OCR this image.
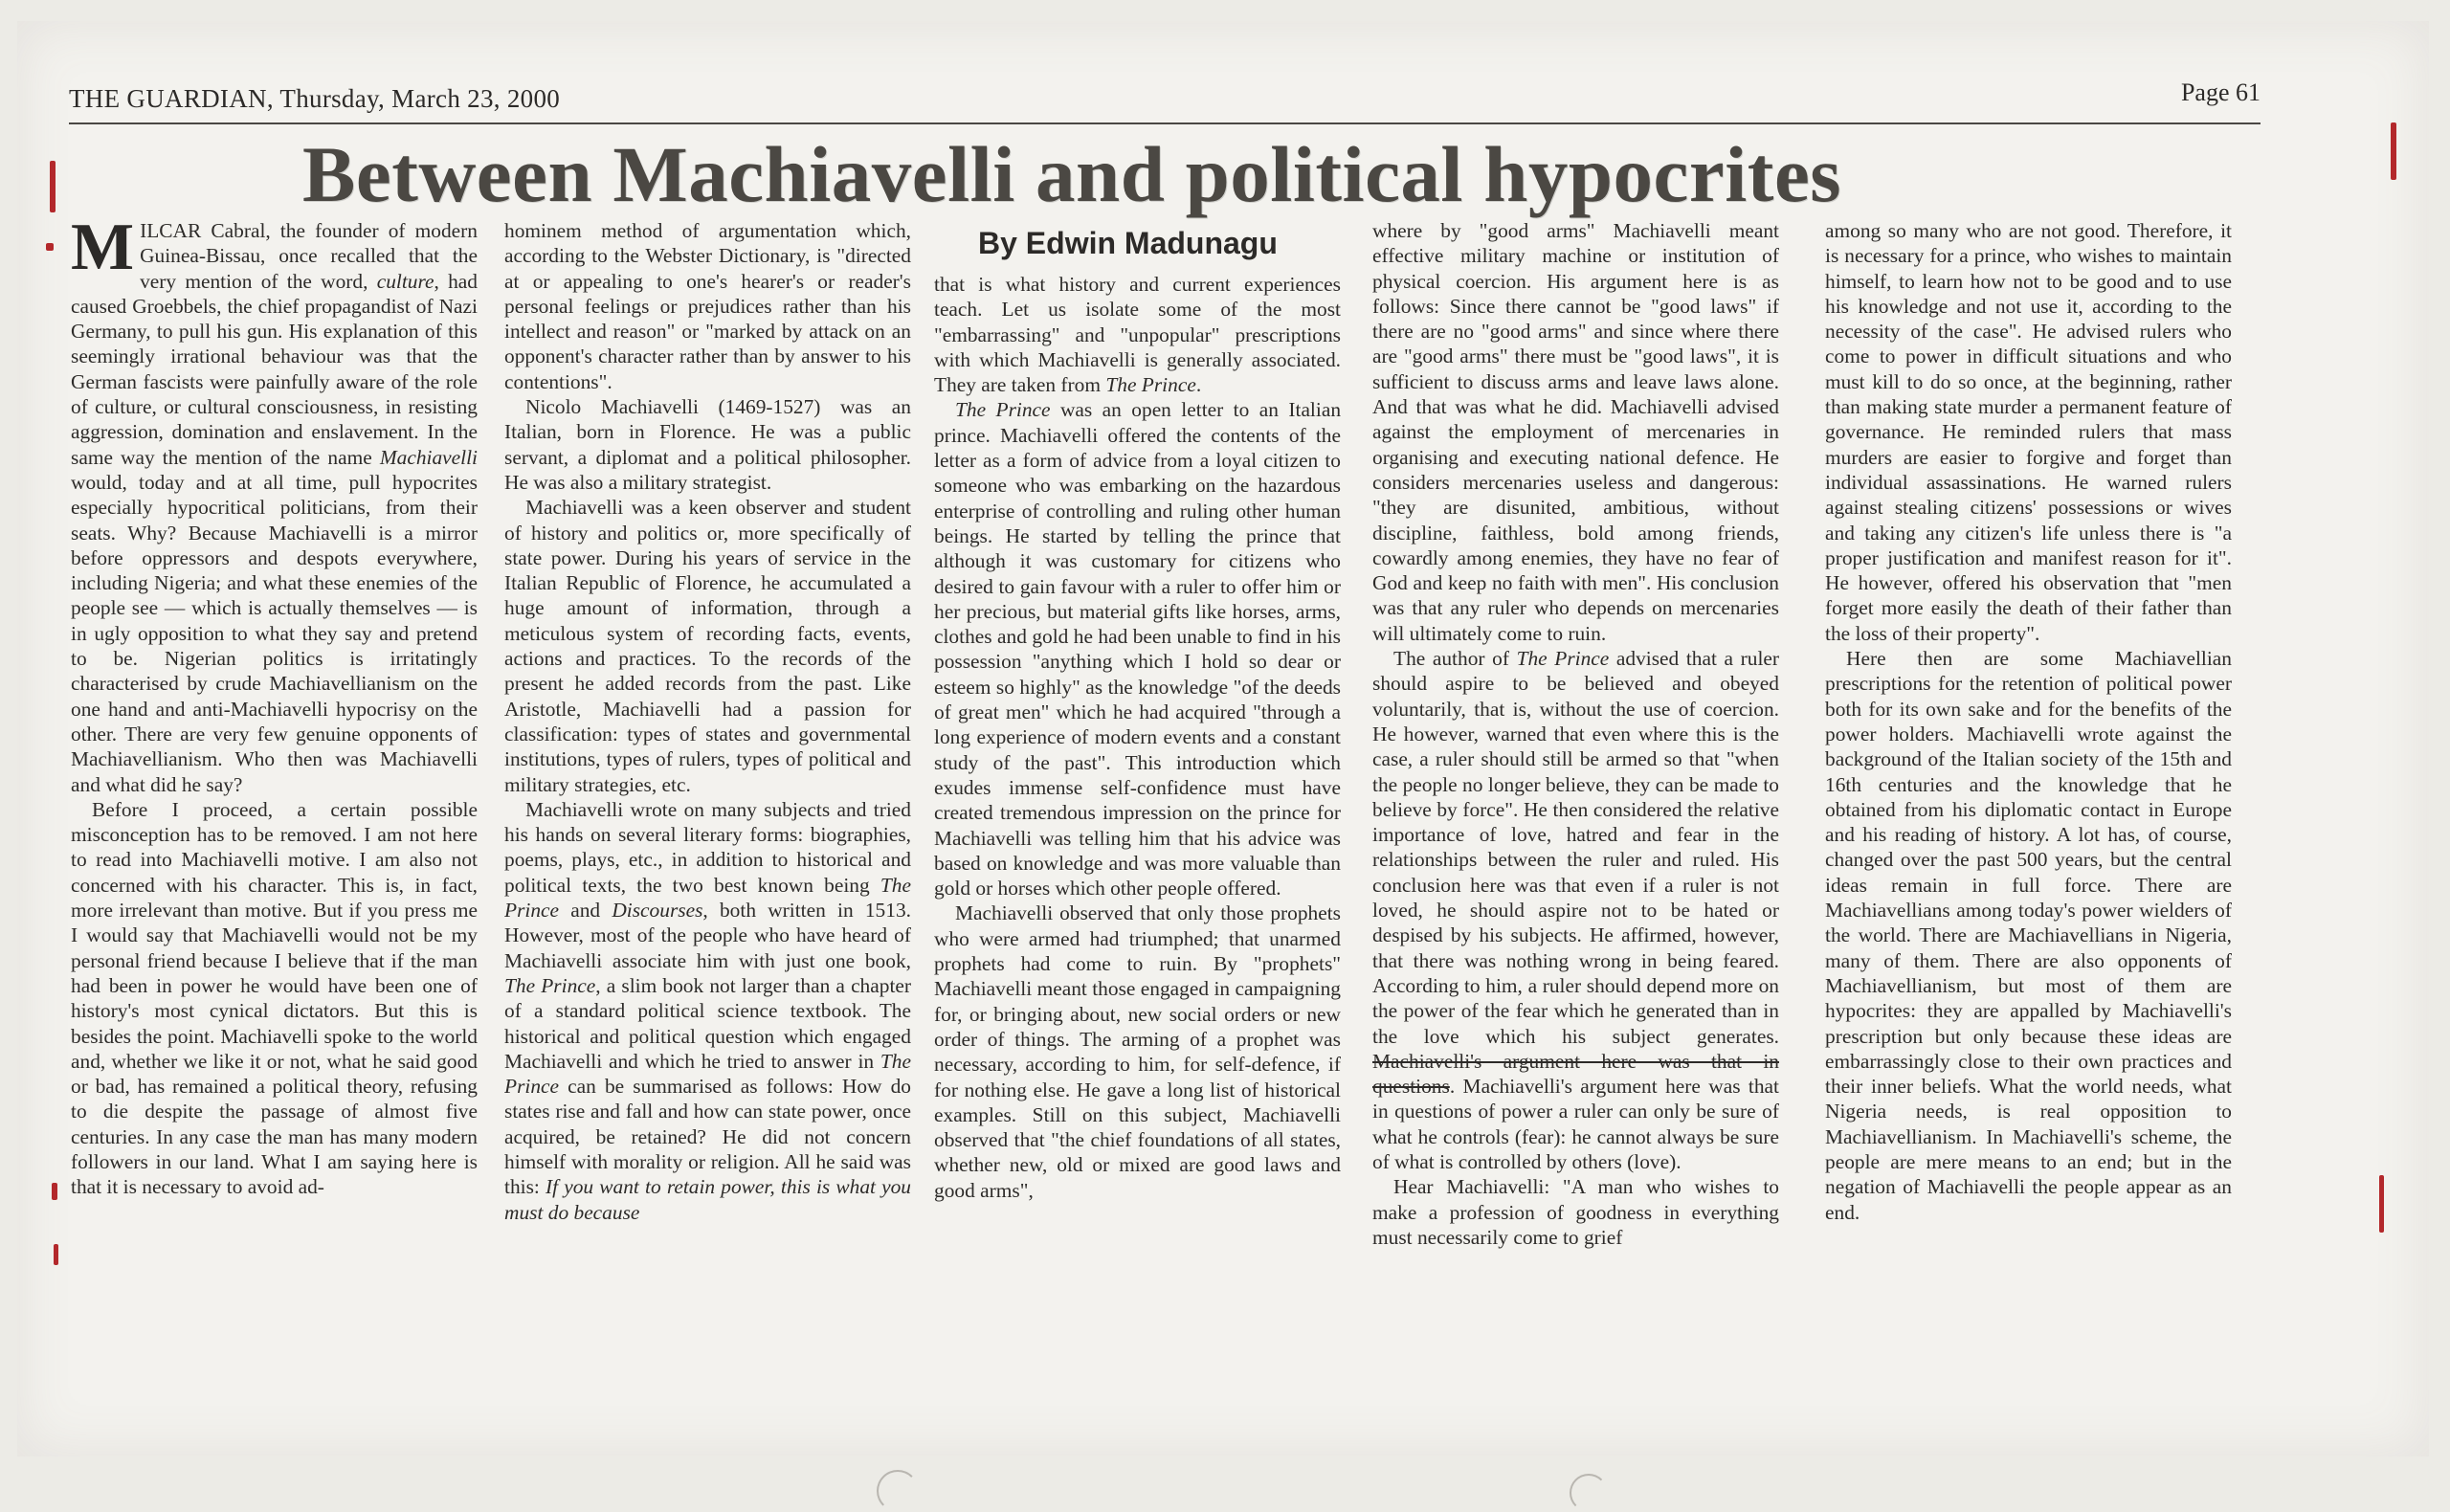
THE GUARDIAN, Thursday, March 23, 2000	Page 61
Between Machiavelli and political hypocrites
By Edwin Madunagu
M ILCAR Cabral, the founder of modern Guinea-Bissau, once recalled that the very mention of the word, culture, had caused Groebbels, the chief propagandist of Nazi Germany, to pull his gun. His explanation of this seemingly irrational behaviour was that the German fascists were painfully aware of the role of culture, or cultural consciousness, in resisting aggression, domination and enslavement. In the same way the mention of the name Machiavelli would, today and at all time, pull hypocrites especially hypocritical politicians, from their seats. Why? Because Machiavelli is a mirror before oppressors and despots everywhere, including Nigeria; and what these enemies of the people see — which is actually themselves — is in ugly opposition to what they say and pretend to be. Nigerian politics is irritatingly characterised by crude Machiavellianism on the one hand and anti-Machiavelli hypocrisy on the other. There are very few genuine opponents of Machiavellianism. Who then was Machiavelli and what did he say?

Before I proceed, a certain possible misconception has to be removed. I am not here to read into Machiavelli motive. I am also not concerned with his character. This is, in fact, more irrelevant than motive. But if you press me I would say that Machiavelli would not be my personal friend because I believe that if the man had been in power he would have been one of history's most cynical dictators. But this is besides the point. Machiavelli spoke to the world and, whether we like it or not, what he said good or bad, has remained a political theory, refusing to die despite the passage of almost five centuries. In any case the man has many modern followers in our land. What I am saying here is that it is necessary to avoid ad-

hominem method of argumentation which, according to the Webster Dictionary, is "directed at or appealing to one's hearer's or reader's personal feelings or prejudices rather than his intellect and reason" or "marked by attack on an opponent's character rather than by answer to his contentions".

Nicolo Machiavelli (1469-1527) was an Italian, born in Florence. He was a public servant, a diplomat and a political philosopher. He was also a military strategist.

Machiavelli was a keen observer and student of history and politics or, more specifically of state power. During his years of service in the Italian Republic of Florence, he accumulated a huge amount of information, through a meticulous system of recording facts, events, actions and practices. To the records of the present he added records from the past. Like Aristotle, Machiavelli had a passion for classification: types of states and governmental institutions, types of rulers, types of political and military strategies, etc.

Machiavelli wrote on many subjects and tried his hands on several literary forms: biographies, poems, plays, etc., in addition to historical and political texts, the two best known being The Prince and Discourses, both written in 1513. However, most of the people who have heard of Machiavelli associate him with just one book, The Prince, a slim book not larger than a chapter of a standard political science textbook. The historical and political question which engaged Machiavelli and which he tried to answer in The Prince can be summarised as follows: How do states rise and fall and how can state power, once acquired, be retained? He did not concern himself with morality or religion. All he said was this: If you want to retain power, this is what you must do because

that is what history and current experiences teach. Let us isolate some of the most "embarrassing" and "unpopular" prescriptions with which Machiavelli is generally associated. They are taken from The Prince.

The Prince was an open letter to an Italian prince. Machiavelli offered the contents of the letter as a form of advice from a loyal citizen to someone who was embarking on the hazardous enterprise of controlling and ruling other human beings. He started by telling the prince that although it was customary for citizens who desired to gain favour with a ruler to offer him or her precious, but material gifts like horses, arms, clothes and gold he had been unable to find in his possession "anything which I hold so dear or esteem so highly" as the knowledge "of the deeds of great men" which he had acquired "through a long experience of modern events and a constant study of the past". This introduction which exudes immense self-confidence must have created tremendous impression on the prince for Machiavelli was telling him that his advice was based on knowledge and was more valuable than gold or horses which other people offered.

Machiavelli observed that only those prophets who were armed had triumphed; that unarmed prophets had come to ruin. By "prophets" Machiavelli meant those engaged in campaigning for, or bringing about, new social orders or new order of things. The arming of a prophet was necessary, according to him, for self-defence, if for nothing else. He gave a long list of historical examples. Still on this subject, Machiavelli observed that "the chief foundations of all states, whether new, old or mixed are good laws and good arms",

where by "good arms" Machiavelli meant effective military machine or institution of physical coercion. His argument here is as follows: Since there cannot be "good laws" if there are no "good arms" and since where there are "good arms" there must be "good laws", it is sufficient to discuss arms and leave laws alone. And that was what he did. Machiavelli advised against the employment of mercenaries in organising and executing national defence. He considers mercenaries useless and dangerous: "they are disunited, ambitious, without discipline, faithless, bold among friends, cowardly among enemies, they have no fear of God and keep no faith with men". His conclusion was that any ruler who depends on mercenaries will ultimately come to ruin.

The author of The Prince advised that a ruler should aspire to be believed and obeyed voluntarily, that is, without the use of coercion. He however, warned that even where this is the case, a ruler should still be armed so that "when the people no longer believe, they can be made to believe by force". He then considered the relative importance of love, hatred and fear in the relationships between the ruler and ruled. His conclusion here was that even if a ruler is not loved, he should aspire not to be hated or despised by his subjects. He affirmed, however, that there was nothing wrong in being feared. According to him, a ruler should depend more on the power of the fear which he generated than in the love which his subject generates. Machiavelli's argument here was that in questions. Machiavelli's argument here was that in questions of power a ruler can only be sure of what he controls (fear): he cannot always be sure of what is controlled by others (love).

Hear Machiavelli: "A man who wishes to make a profession of goodness in everything must necessarily come to grief

among so many who are not good. Therefore, it is necessary for a prince, who wishes to maintain himself, to learn how not to be good and to use his knowledge and not use it, according to the necessity of the case". He advised rulers who come to power in difficult situations and who must kill to do so once, at the beginning, rather than making state murder a permanent feature of governance. He reminded rulers that mass murders are easier to forgive and forget than individual assassinations. He warned rulers against stealing citizens' possessions or wives and taking any citizen's life unless there is "a proper justification and manifest reason for it". He however, offered his observation that "men forget more easily the death of their father than the loss of their property".

Here then are some Machiavellian prescriptions for the retention of political power both for its own sake and for the benefits of the power holders. Machiavelli wrote against the background of the Italian society of the 15th and 16th centuries and the knowledge that he obtained from his diplomatic contact in Europe and his reading of history. A lot has, of course, changed over the past 500 years, but the central ideas remain in full force. There are Machiavellians among today's power wielders of the world. There are Machiavellians in Nigeria, many of them. There are also opponents of Machiavellianism, but most of them are hypocrites: they are appalled by Machiavelli's prescription but only because these ideas are embarrassingly close to their own practices and their inner beliefs. What the world needs, what Nigeria needs, is real opposition to Machiavellianism. In Machiavelli's scheme, the people are mere means to an end; but in the negation of Machiavelli the people appear as an end.
